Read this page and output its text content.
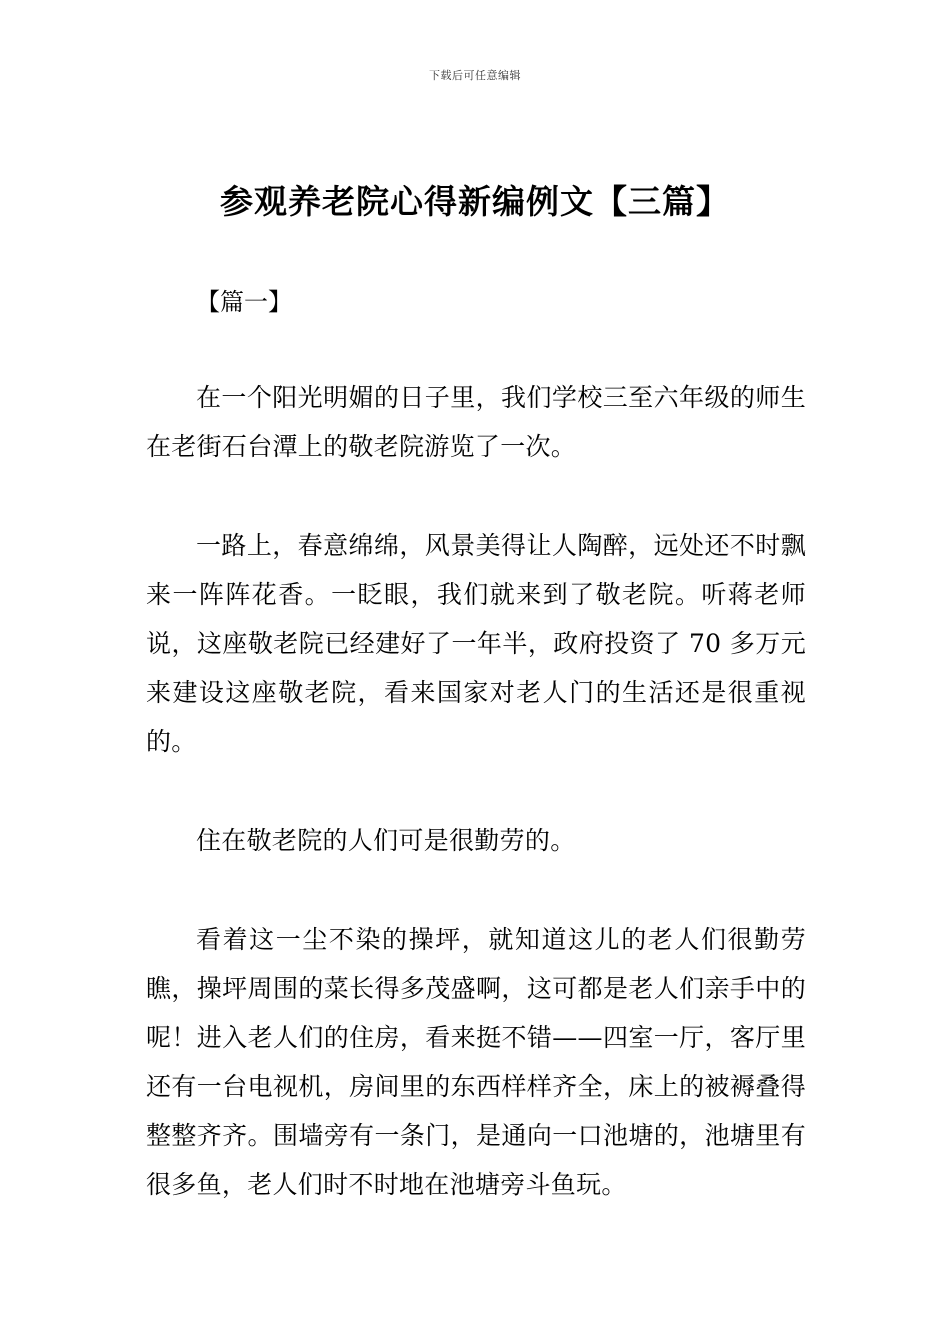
下载后可任意编辑
参观养老院心得新编例文【三篇】
【篇一】

在一个阳光明媚的日子里，我们学校三至六年级的师生在老街石台潭上的敬老院游览了一次。

一路上，春意绵绵，风景美得让人陶醉，远处还不时飘来一阵阵花香。一眨眼，我们就来到了敬老院。听蒋老师说，这座敬老院已经建好了一年半，政府投资了 70 多万元来建设这座敬老院，看来国家对老人门的生活还是很重视的。

住在敬老院的人们可是很勤劳的。

看着这一尘不染的操坪，就知道这儿的老人们很勤劳瞧，操坪周围的菜长得多茂盛啊，这可都是老人们亲手中的呢！进入老人们的住房，看来挺不错——四室一厅，客厅里还有一台电视机，房间里的东西样样齐全，床上的被褥叠得整整齐齐。围墙旁有一条门，是通向一口池塘的，池塘里有很多鱼，老人们时不时地在池塘旁斗鱼玩。
